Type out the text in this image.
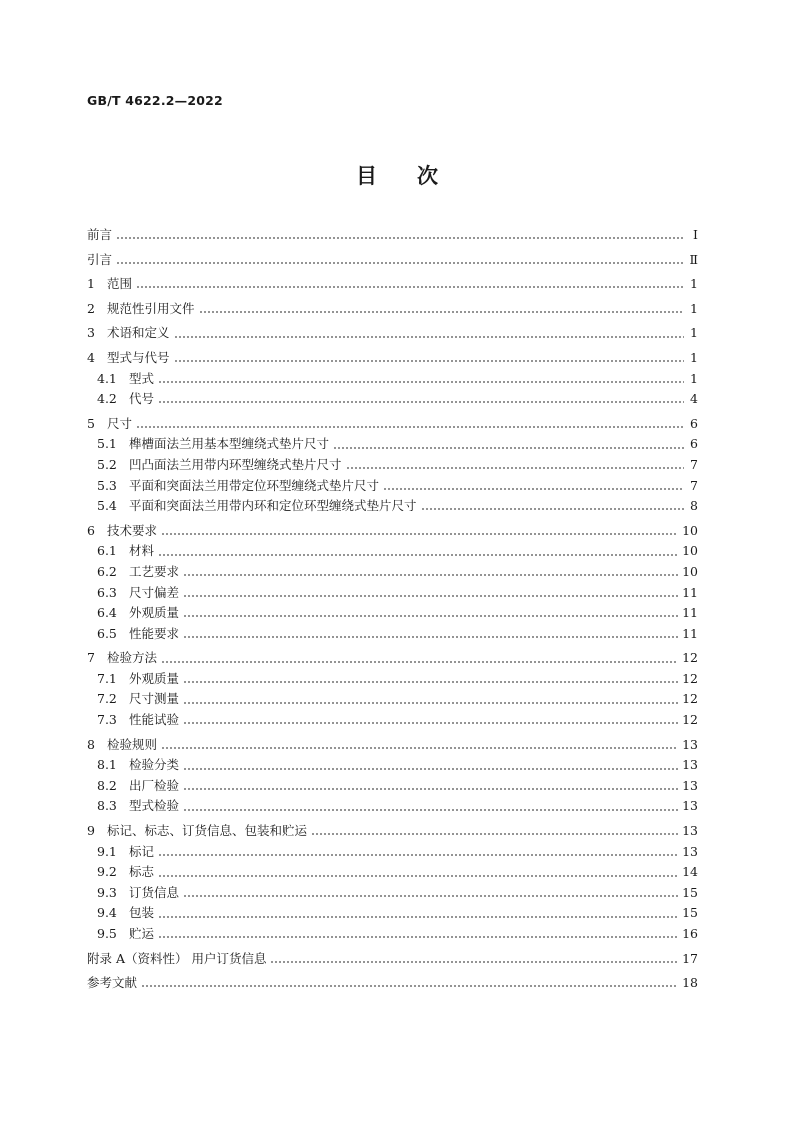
GB/T 4622.2—2022
目 次
前言	Ⅰ
引言	Ⅱ
1 范围	1
2 规范性引用文件	1
3 术语和定义	1
4 型式与代号	1
4.1 型式	1
4.2 代号	4
5 尺寸	6
5.1 榫槽面法兰用基本型缠绕式垫片尺寸	6
5.2 凹凸面法兰用带内环型缠绕式垫片尺寸	7
5.3 平面和突面法兰用带定位环型缠绕式垫片尺寸	7
5.4 平面和突面法兰用带内环和定位环型缠绕式垫片尺寸	8
6 技术要求	10
6.1 材料	10
6.2 工艺要求	10
6.3 尺寸偏差	11
6.4 外观质量	11
6.5 性能要求	11
7 检验方法	12
7.1 外观质量	12
7.2 尺寸测量	12
7.3 性能试验	12
8 检验规则	13
8.1 检验分类	13
8.2 出厂检验	13
8.3 型式检验	13
9 标记、标志、订货信息、包装和贮运	13
9.1 标记	13
9.2 标志	14
9.3 订货信息	15
9.4 包装	15
9.5 贮运	16
附录 A（资料性） 用户订货信息	17
参考文献	18
